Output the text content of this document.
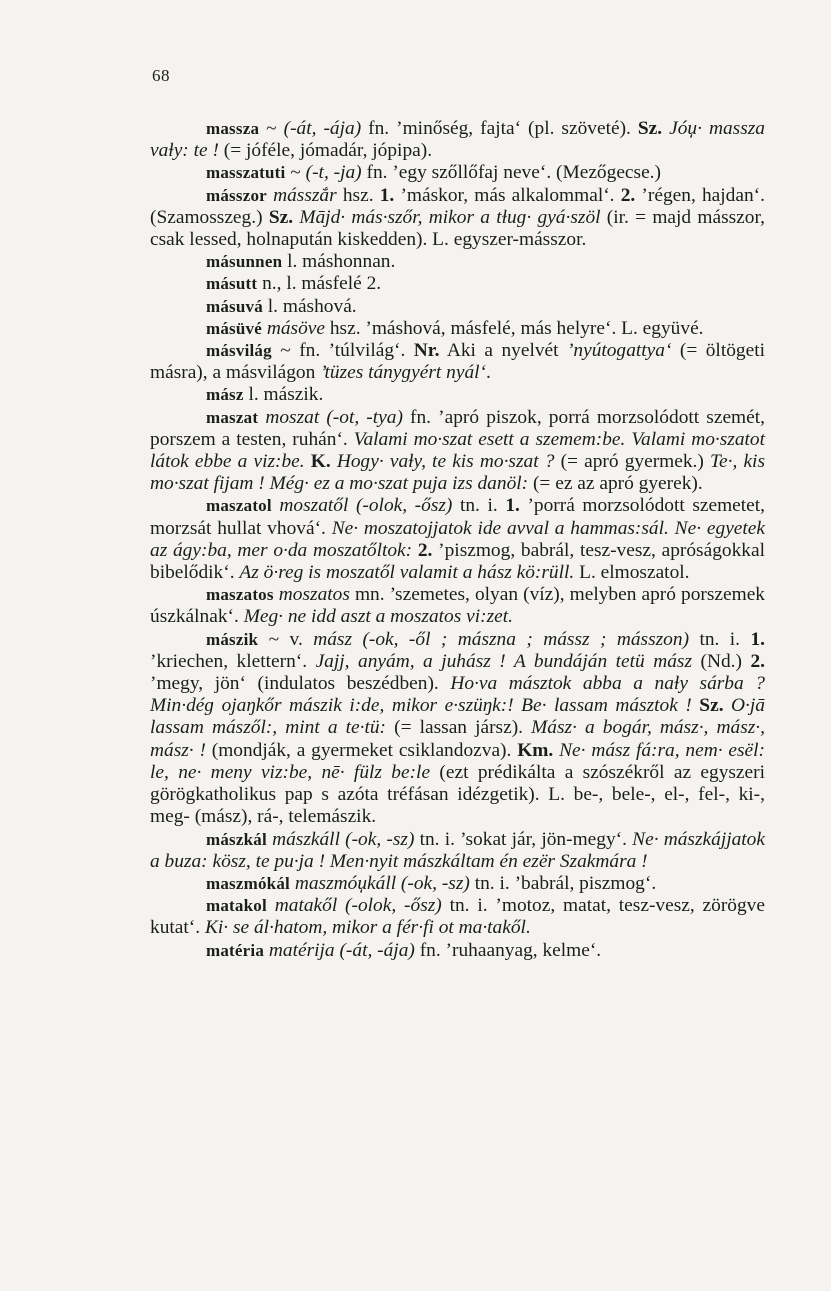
68

massza ~ (-át, -ája) fn. ’minőség, fajta‘ (pl. szöveté). Sz. Jóџ· massza vaɫy: te ! (= jóféle, jómadár, jópipa).

masszatuti ~ (-t, -ja) fn. ’egy szőllőfaj neve‘. (Mezőgecse.)

másszor másszắr hsz. 1. ’máskor, más alkalommal‘. 2. ’régen, hajdan‘. (Szamosszeg.) Sz. Mājd· más·szőr, mikor a tɫuɡ· gyá·szöl (ir. = majd másszor, csak lessed, holnapután kiskedden). L. egyszer-másszor.

másunnen l. máshonnan.

másutt n., l. másfelé 2.

másuvá l. máshová.

másüvé másöve hsz. ’máshová, másfelé, más helyre‘. L. együvé.

másvilág ~ fn. ’túlvilág‘. Nr. Aki a nyelvét ’nyútoɡattya‘ (= öltögeti másra), a másvilágon ’tüzes tányɡyért nyál‘.

mász l. mászik.

maszat moszat (-ot, -tya) fn. ’apró piszok, porrá morzsolódott szemét, porszem a testen, ruhán‘. Valami mo·szat esett a szemem:be. Valami mo·szatot látok ebbe a viz:be. K. Hoɡy· vaɫy, te kis mo·szat ? (= apró gyermek.) Te·, kis mo·szat fijam ! Még· ez a mo·szat puja izs danöl: (= ez az apró gyerek).

maszatol moszatől (-olok, -ősz) tn. i. 1. ’porrá morzsolódott szemetet, morzsát hullat vhová‘. Ne· moszatojjatok ide avval a hammas:sál. Ne· egyetek az ágy:ba, mer o·da moszatőltok: 2. ’piszmog, babrál, tesz-vesz, apróságokkal bibelődik‘. Az ö·reg is moszatől valamit a hász kö:rüll. L. elmoszatol.

maszatos moszatos mn. ’szemetes, olyan (víz), melyben apró porszemek úszkálnak‘. Meg· ne idd aszt a moszatos vi:zet.

mászik ~ v. mász (-ok, -ől ; mászna ; mássz ; másszon) tn. i. 1. ’kriechen, klettern‘. Jajj, anyám, a juhász ! A bundáján tetü mász (Nd.) 2. ’megy, jön‘ (indulatos beszédben). Ho·va másztok abba a naɫy sárba ? Min·déɡ ojaŋkőr mászik i:de, mikor e·szüŋk:! Be· lassam másztok ! Sz. O·jā lassam mászől:, mint a te·tü: (= lassan jársz). Mász· a bogár, mász·, mász·, mász· ! (mondják, a gyermeket csiklandozva). Km. Ne· mász fá:ra, nem· esël: le, ne· meny viz:be, nē· fülz be:le (ezt prédikálta a szószékről az egyszeri görögkatholikus pap s azóta tréfásan idézgetik). L. be-, bele-, el-, fel-, ki-, meg- (mász), rá-, telemászik.

mászkál mászkáll (-ok, -sz) tn. i. ’sokat jár, jön-megy‘. Ne· mászkájjatok a buza: kösz, te pu·ja ! Men·nyit mászkáltam én ezër Szakmára !

maszmókál maszmóџkáll (-ok, -sz) tn. i. ’babrál, piszmog‘.

matakol matakől (-olok, -ősz) tn. i. ’motoz, matat, tesz-vesz, zörögve kutat‘. Ki· se ál·hatom, mikor a fér·fi ot ma·takől.

matéria matérija (-át, -ája) fn. ’ruhaanyag, kelme‘.
